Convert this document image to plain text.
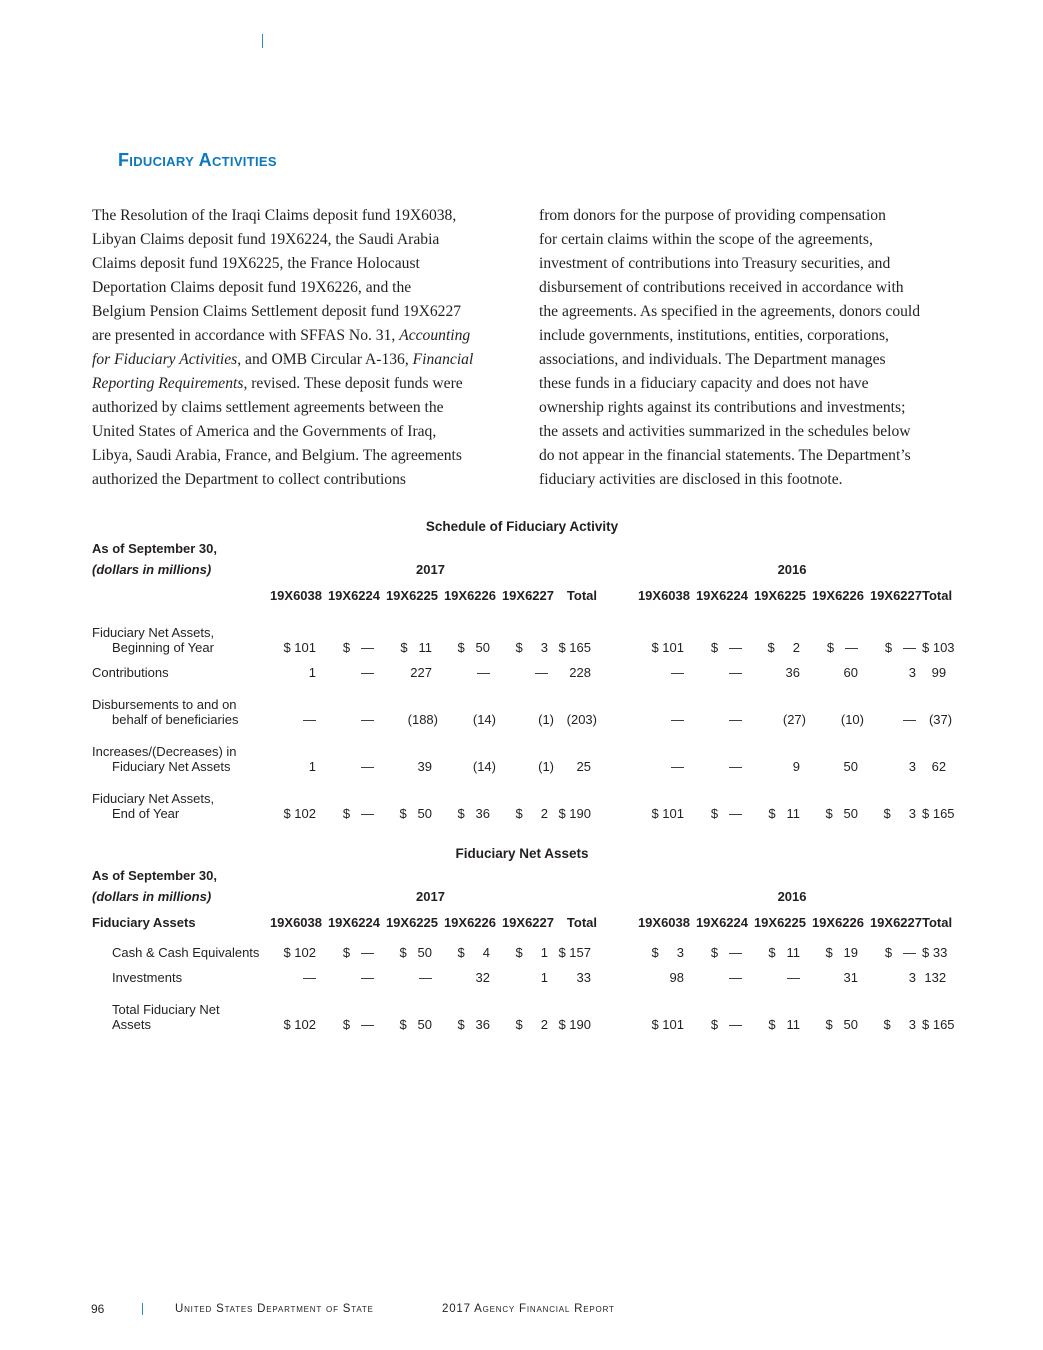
Fiduciary Activities
The Resolution of the Iraqi Claims deposit fund 19X6038,
Libyan Claims deposit fund 19X6224, the Saudi Arabia
Claims deposit fund 19X6225, the France Holocaust
Deportation Claims deposit fund 19X6226, and the
Belgium Pension Claims Settlement deposit fund 19X6227
are presented in accordance with SFFAS No. 31, Accounting
for Fiduciary Activities, and OMB Circular A-136, Financial
Reporting Requirements, revised. These deposit funds were
authorized by claims settlement agreements between the
United States of America and the Governments of Iraq,
Libya, Saudi Arabia, France, and Belgium. The agreements
authorized the Department to collect contributions
from donors for the purpose of providing compensation
for certain claims within the scope of the agreements,
investment of contributions into Treasury securities, and
disbursement of contributions received in accordance with
the agreements. As specified in the agreements, donors could
include governments, institutions, entities, corporations,
associations, and individuals. The Department manages
these funds in a fiduciary capacity and does not have
ownership rights against its contributions and investments;
the assets and activities summarized in the schedules below
do not appear in the financial statements. The Department’s
fiduciary activities are disclosed in this footnote.
Schedule of Fiduciary Activity
As of September 30,													
(dollars in millions)	2017							2016					
	19X6038	19X6224	19X6225	19X6226	19X6227	Total		19X6038	19X6224	19X6225	19X6226	19X6227	Total

Fiduciary Net Assets,
Beginning of Year	$ 101	$  —	$  11	$  50	$   3	$ 165		$ 101	$  —	$   2	$  —	$  —	$ 103

Contributions	1	—	227	—	—	228		—	—	36	60	3	99

Disbursements to and on
behalf of beneficiaries	—	—	(188)	(14)	(1)	(203)		—	—	(27)	(10)	—	(37)

Increases/(Decreases) in
Fiduciary Net Assets	1	—	39	(14)	(1)	25		—	—	9	50	3	62

Fiduciary Net Assets,
End of Year	$ 102	$  —	$  50	$  36	$   2	$ 190		$ 101	$  —	$  11	$  50	$   3	$ 165
Fiduciary Net Assets
As of September 30,													
(dollars in millions)	2017							2016					
Fiduciary Assets	19X6038	19X6224	19X6225	19X6226	19X6227	Total		19X6038	19X6224	19X6225	19X6226	19X6227	Total

Cash & Cash Equivalents	$ 102	$  —	$  50	$   4	$   1	$ 157		$   3	$  —	$  11	$  19	$  —	$ 33

Investments	—	—	—	32	1	33		98	—	—	31	3	132

Total Fiduciary Net
Assets	$ 102	$  —	$  50	$  36	$   2	$ 190		$ 101	$  —	$  11	$  50	$   3	$ 165
96	United States Department of State	2017 Agency Financial Report
